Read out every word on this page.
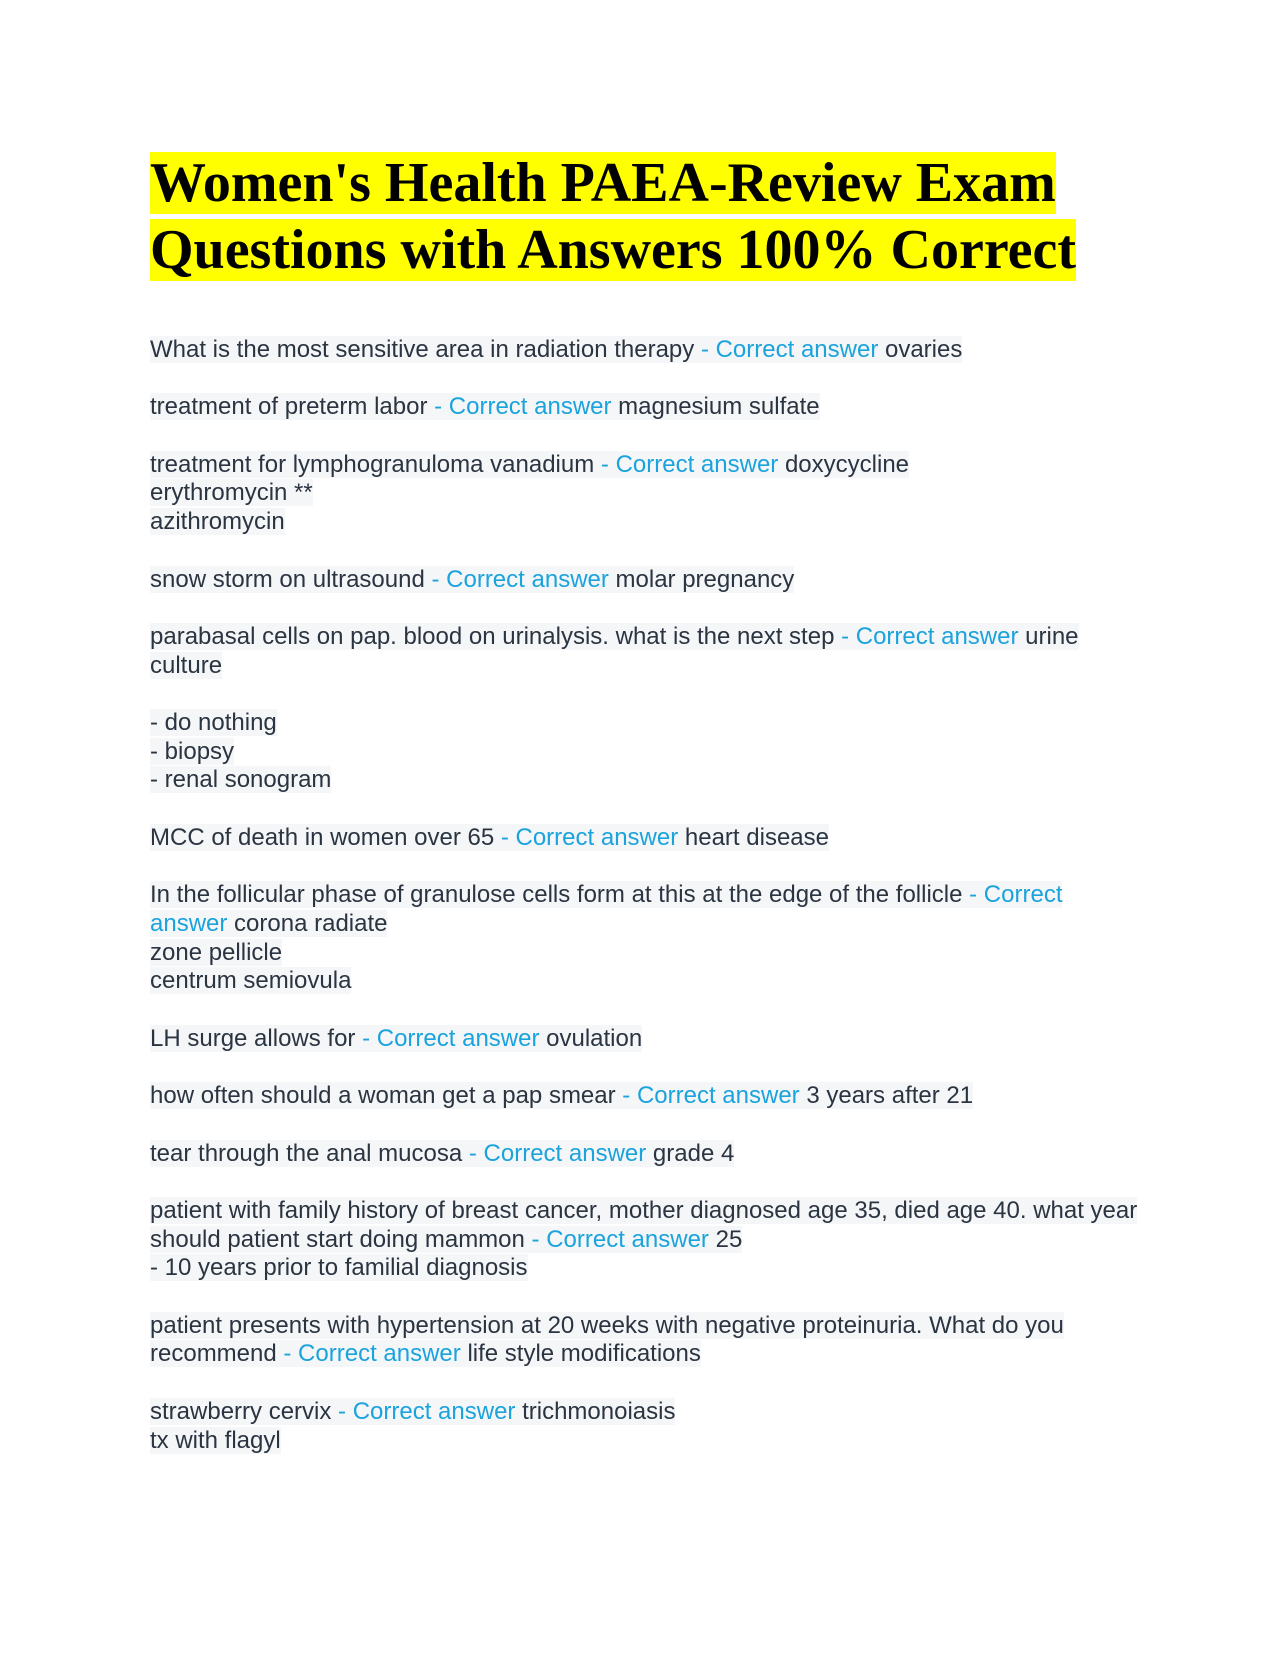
Women's Health PAEA-Review Exam
Questions with Answers 100% Correct
What is the most sensitive area in radiation therapy - Correct answer ovaries
treatment of preterm labor - Correct answer magnesium sulfate
treatment for lymphogranuloma vanadium - Correct answer doxycycline
erythromycin **
azithromycin
snow storm on ultrasound - Correct answer molar pregnancy
parabasal cells on pap. blood on urinalysis. what is the next step - Correct answer urine culture

- do nothing
- biopsy
- renal sonogram
MCC of death in women over 65 - Correct answer heart disease
In the follicular phase of granulose cells form at this at the edge of the follicle - Correct answer corona radiate
zone pellicle
centrum semiovula
LH surge allows for - Correct answer ovulation
how often should a woman get a pap smear - Correct answer 3 years after 21
tear through the anal mucosa - Correct answer grade 4
patient with family history of breast cancer, mother diagnosed age 35, died age 40. what year should patient start doing mammon - Correct answer 25
- 10 years prior to familial diagnosis
patient presents with hypertension at 20 weeks with negative proteinuria. What do you recommend - Correct answer life style modifications
strawberry cervix - Correct answer trichmonoiasis
tx with flagyl
